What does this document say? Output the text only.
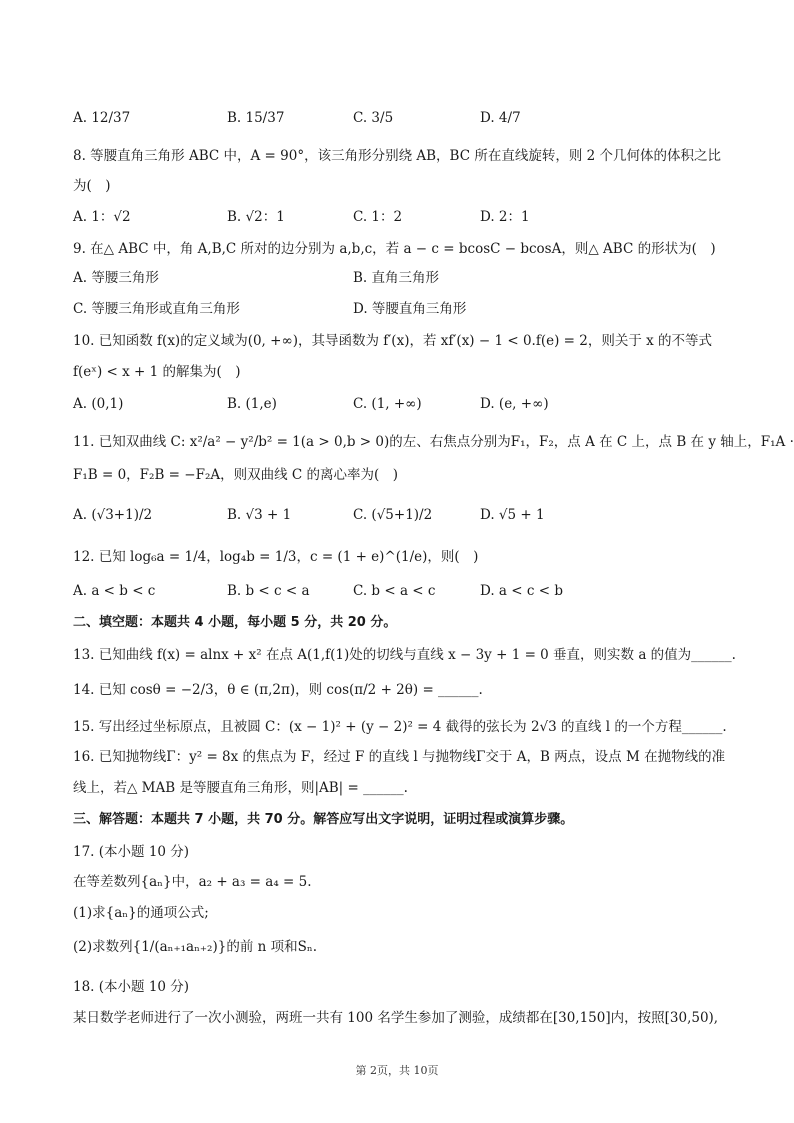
A. 12/37	B. 15/37	C. 3/5	D. 4/7
8. 等腰直角三角形 ABC 中，A = 90°，该三角形分别绕 AB，BC 所在直线旋转，则 2 个几何体的体积之比
为(　)
A. 1：√2	B. √2：1	C. 1：2	D. 2：1
9. 在△ ABC 中，角 A,B,C 所对的边分别为 a,b,c，若 a − c = bcosC − bcosA，则△ ABC 的形状为(　)
A. 等腰三角形	B. 直角三角形
C. 等腰三角形或直角三角形	D. 等腰直角三角形
10. 已知函数 f(x)的定义域为(0, +∞)，其导函数为 f′(x)，若 xf′(x) − 1 < 0.f(e) = 2，则关于 x 的不等式
f(eˣ) < x + 1 的解集为(　)
A. (0,1)	B. (1,e)	C. (1, +∞)	D. (e, +∞)
11. 已知双曲线 C: x²/a² − y²/b² = 1(a > 0,b > 0)的左、右焦点分别为F₁，F₂，点 A 在 C 上，点 B 在 y 轴上，F₁A ·
F₁B = 0，F₂B = −F₂A，则双曲线 C 的离心率为(　)
A. (√3+1)/2	B. √3 + 1	C. (√5+1)/2	D. √5 + 1
12. 已知 log₆a = 1/4，log₄b = 1/3，c = (1 + e)^(1/e)，则(　)
A. a < b < c	B. b < c < a	C. b < a < c	D. a < c < b
二、填空题：本题共 4 小题，每小题 5 分，共 20 分。
13. 已知曲线 f(x) = alnx + x² 在点 A(1,f(1)处的切线与直线 x − 3y + 1 = 0 垂直，则实数 a 的值为______.
14. 已知 cosθ = −2/3，θ ∈ (π,2π)，则 cos(π/2 + 2θ) = ______.
15. 写出经过坐标原点，且被圆 C：(x − 1)² + (y − 2)² = 4 截得的弦长为 2√3 的直线 l 的一个方程______.
16. 已知抛物线Γ：y² = 8x 的焦点为 F，经过 F 的直线 l 与抛物线Γ交于 A，B 两点，设点 M 在抛物线的准
线上，若△ MAB 是等腰直角三角形，则|AB| = ______.
三、解答题：本题共 7 小题，共 70 分。解答应写出文字说明，证明过程或演算步骤。
17. (本小题 10 分)
在等差数列{aₙ}中，a₂ + a₃ = a₄ = 5.
(1)求{aₙ}的通项公式;
(2)求数列{1/(aₙ₊₁aₙ₊₂)}的前 n 项和Sₙ.
18. (本小题 10 分)
某日数学老师进行了一次小测验，两班一共有 100 名学生参加了测验，成绩都在[30,150]内，按照[30,50),
第 2页，共 10页
